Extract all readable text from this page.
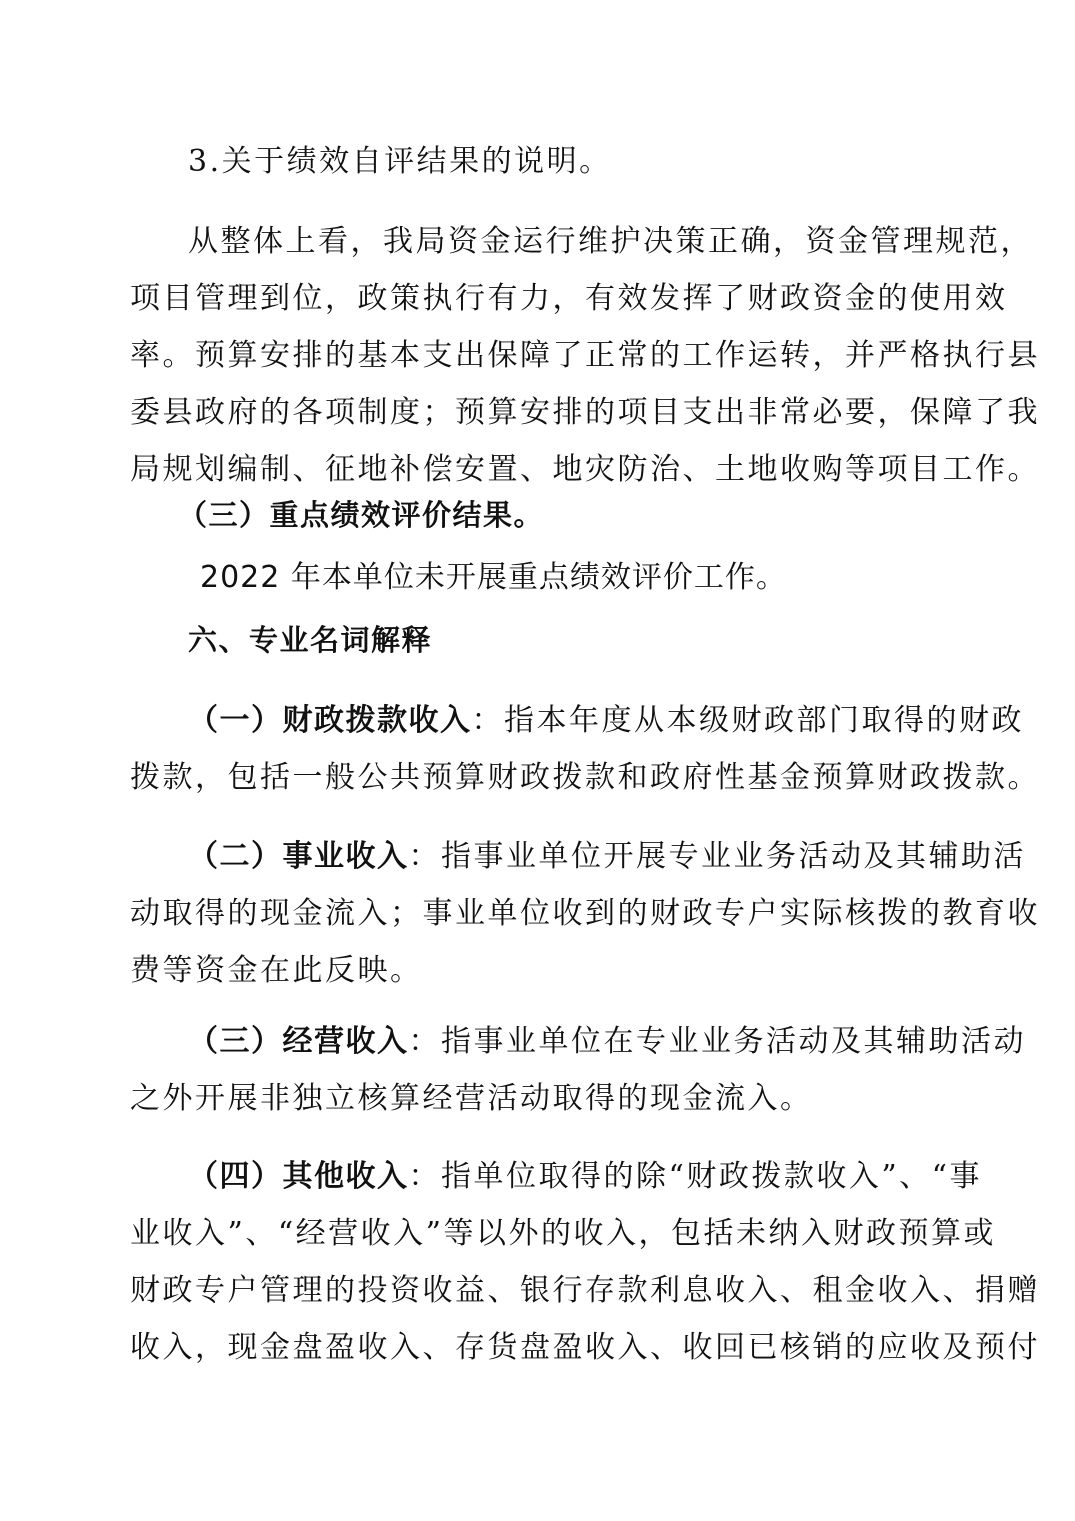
3.关于绩效自评结果的说明。

从整体上看，我局资金运行维护决策正确，资金管理规范，
项目管理到位，政策执行有力，有效发挥了财政资金的使用效
率。预算安排的基本支出保障了正常的工作运转，并严格执行县
委县政府的各项制度；预算安排的项目支出非常必要，保障了我
局规划编制、征地补偿安置、地灾防治、土地收购等项目工作。

（三）重点绩效评价结果。

2022 年本单位未开展重点绩效评价工作。

六、专业名词解释

（一）财政拨款收入：指本年度从本级财政部门取得的财政
拨款，包括一般公共预算财政拨款和政府性基金预算财政拨款。

（二）事业收入：指事业单位开展专业业务活动及其辅助活
动取得的现金流入；事业单位收到的财政专户实际核拨的教育收
费等资金在此反映。

（三）经营收入：指事业单位在专业业务活动及其辅助活动
之外开展非独立核算经营活动取得的现金流入。

（四）其他收入：指单位取得的除“财政拨款收入”、“事
业收入”、“经营收入”等以外的收入，包括未纳入财政预算或
财政专户管理的投资收益、银行存款利息收入、租金收入、捐赠
收入，现金盘盈收入、存货盘盈收入、收回已核销的应收及预付
